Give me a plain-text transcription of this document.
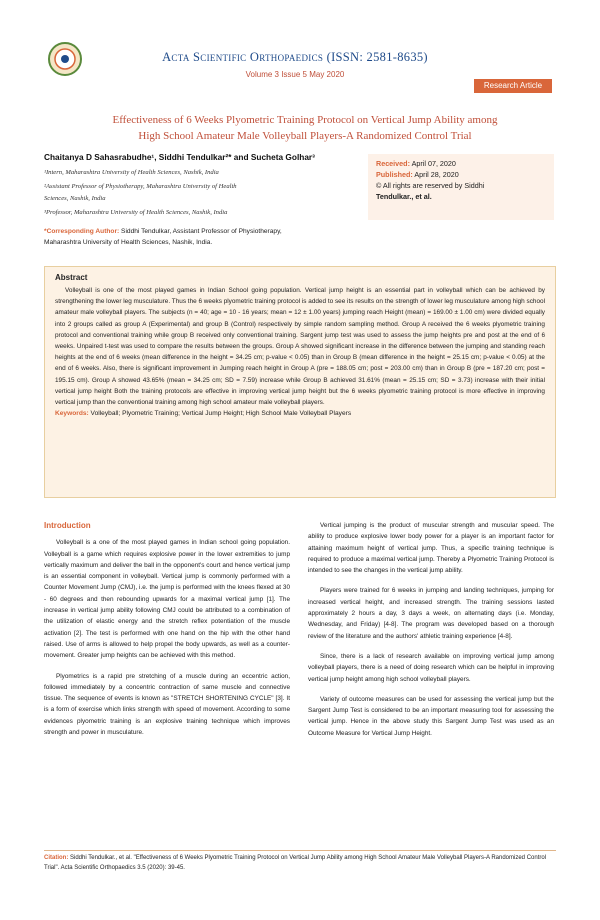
Acta Scientific Orthopaedics (ISSN: 2581-8635)
Volume 3 Issue 5 May 2020
Research Article
Effectiveness of 6 Weeks Plyometric Training Protocol on Vertical Jump Ability among
High School Amateur Male Volleyball Players-A Randomized Control Trial
Chaitanya D Sahasrabudhe¹, Siddhi Tendulkar²* and Sucheta Golhar³
¹Intern, Maharashtra University of Health Sciences, Nashik, India
²Assistant Professor of Physiotherapy, Maharashtra University of Health
Sciences, Nashik, India
³Professor, Maharashtra University of Health Sciences, Nashik, India
*Corresponding Author: Siddhi Tendulkar, Assistant Professor of Physiotherapy,
Maharashtra University of Health Sciences, Nashik, India.
Received: April 07, 2020
Published: April 28, 2020
© All rights are reserved by Siddhi
Tendulkar., et al.
Abstract
Volleyball is one of the most played games in Indian School going population. Vertical jump height is an essential part in volleyball which can be achieved by strengthening the lower leg musculature. Thus the 6 weeks plyometric training protocol is added to see its results on the strength of lower leg musculature among high school amateur male volleyball players. The subjects (n = 40; age = 10 - 16 years; mean = 12 ± 1.00 years) jumping reach Height (mean) = 169.00 ± 1.00 cm) were divided equally into 2 groups called as group A (Experimental) and group B (Control) respectively by simple random sampling method. Group A received the 6 weeks plyometric training protocol and conventional training while group B received only conventional training. Sargent jump test was used to assess the jump heights pre and post at the end of 6 weeks. Unpaired t-test was used to compare the results between the groups. Group A showed significant increase in the difference between the jumping and standing reach heights at the end of 6 weeks (mean difference in the height = 34.25 cm; p-value < 0.05) than in Group B (mean difference in the height = 25.15 cm; p-value < 0.05) at the end of 6 weeks. Also, there is significant improvement in Jumping reach height in Group A (pre = 188.05 cm; post = 203.00 cm) than in Group B (pre = 187.20 cm; post = 195.15 cm). Group A showed 43.65% (mean = 34.25 cm; SD = 7.59) increase while Group B achieved 31.61% (mean = 25.15 cm; SD = 3.73) increase with their initial vertical jump height Both the training protocols are effective in improving vertical jump height but the 6 weeks plyometric training protocol is more effective in improving vertical jump than the conventional training among high school amateur male volleyball players.
Keywords: Volleyball; Plyometric Training; Vertical Jump Height; High School Male Volleyball Players
Introduction
Volleyball is a one of the most played games in Indian school going population. Volleyball is a game which requires explosive power in the lower extremities to jump vertically maximum and deliver the ball in the opponent's court and hence vertical jump is an essential component in volleyball. Vertical jump is commonly performed with a Counter Movement Jump (CMJ), i.e. the jump is performed with the knees flexed at 30 - 60 degrees and then rebounding upwards for a maximal vertical jump [1]. The increase in vertical jump ability following CMJ could be attributed to a combination of the utilization of elastic energy and the stretch reflex potentiation of the muscle activation [2]. The test is performed with one hand on the hip with the other hand raised. Use of arms is allowed to help propel the body upwards, as well as a counter-movement. Greater jump heights can be achieved with this method.
Plyometrics is a rapid pre stretching of a muscle during an eccentric action, followed immediately by a concentric contraction of same muscle and connective tissue. The sequence of events is known as "STRETCH SHORTENING CYCLE" [3]. It is a form of exercise which links strength with speed of movement. According to some evidences plyometric training is an explosive training technique which improves strength and power in musculature.
Vertical jumping is the product of muscular strength and muscular speed. The ability to produce explosive lower body power for a player is an important factor for attaining maximum height of vertical jump. Thus, a specific training technique is required to produce a maximal vertical jump. Thereby a Plyometric Training Protocol is intended to see the changes in the vertical jump ability.
Players were trained for 6 weeks in jumping and landing techniques, jumping for increased vertical height, and increased strength. The training sessions lasted approximately 2 hours a day, 3 days a week, on alternating days (i.e. Monday, Wednesday, and Friday) [4-8]. The program was developed based on a thorough review of the literature and the authors' athletic training experience [4-8].
Since, there is a lack of research available on improving vertical jump among volleyball players, there is a need of doing research which can be helpful in improving vertical jump height among high school volleyball players.
Variety of outcome measures can be used for assessing the vertical jump but the Sargent Jump Test is considered to be an important measuring tool for assessing the vertical jump. Hence in the above study this Sargent Jump Test was used as an Outcome Measure for Vertical Jump Height.
Citation: Siddhi Tendulkar., et al. "Effectiveness of 6 Weeks Plyometric Training Protocol on Vertical Jump Ability among High School Amateur Male Volleyball Players-A Randomized Control Trial". Acta Scientific Orthopaedics 3.5 (2020): 39-45.
